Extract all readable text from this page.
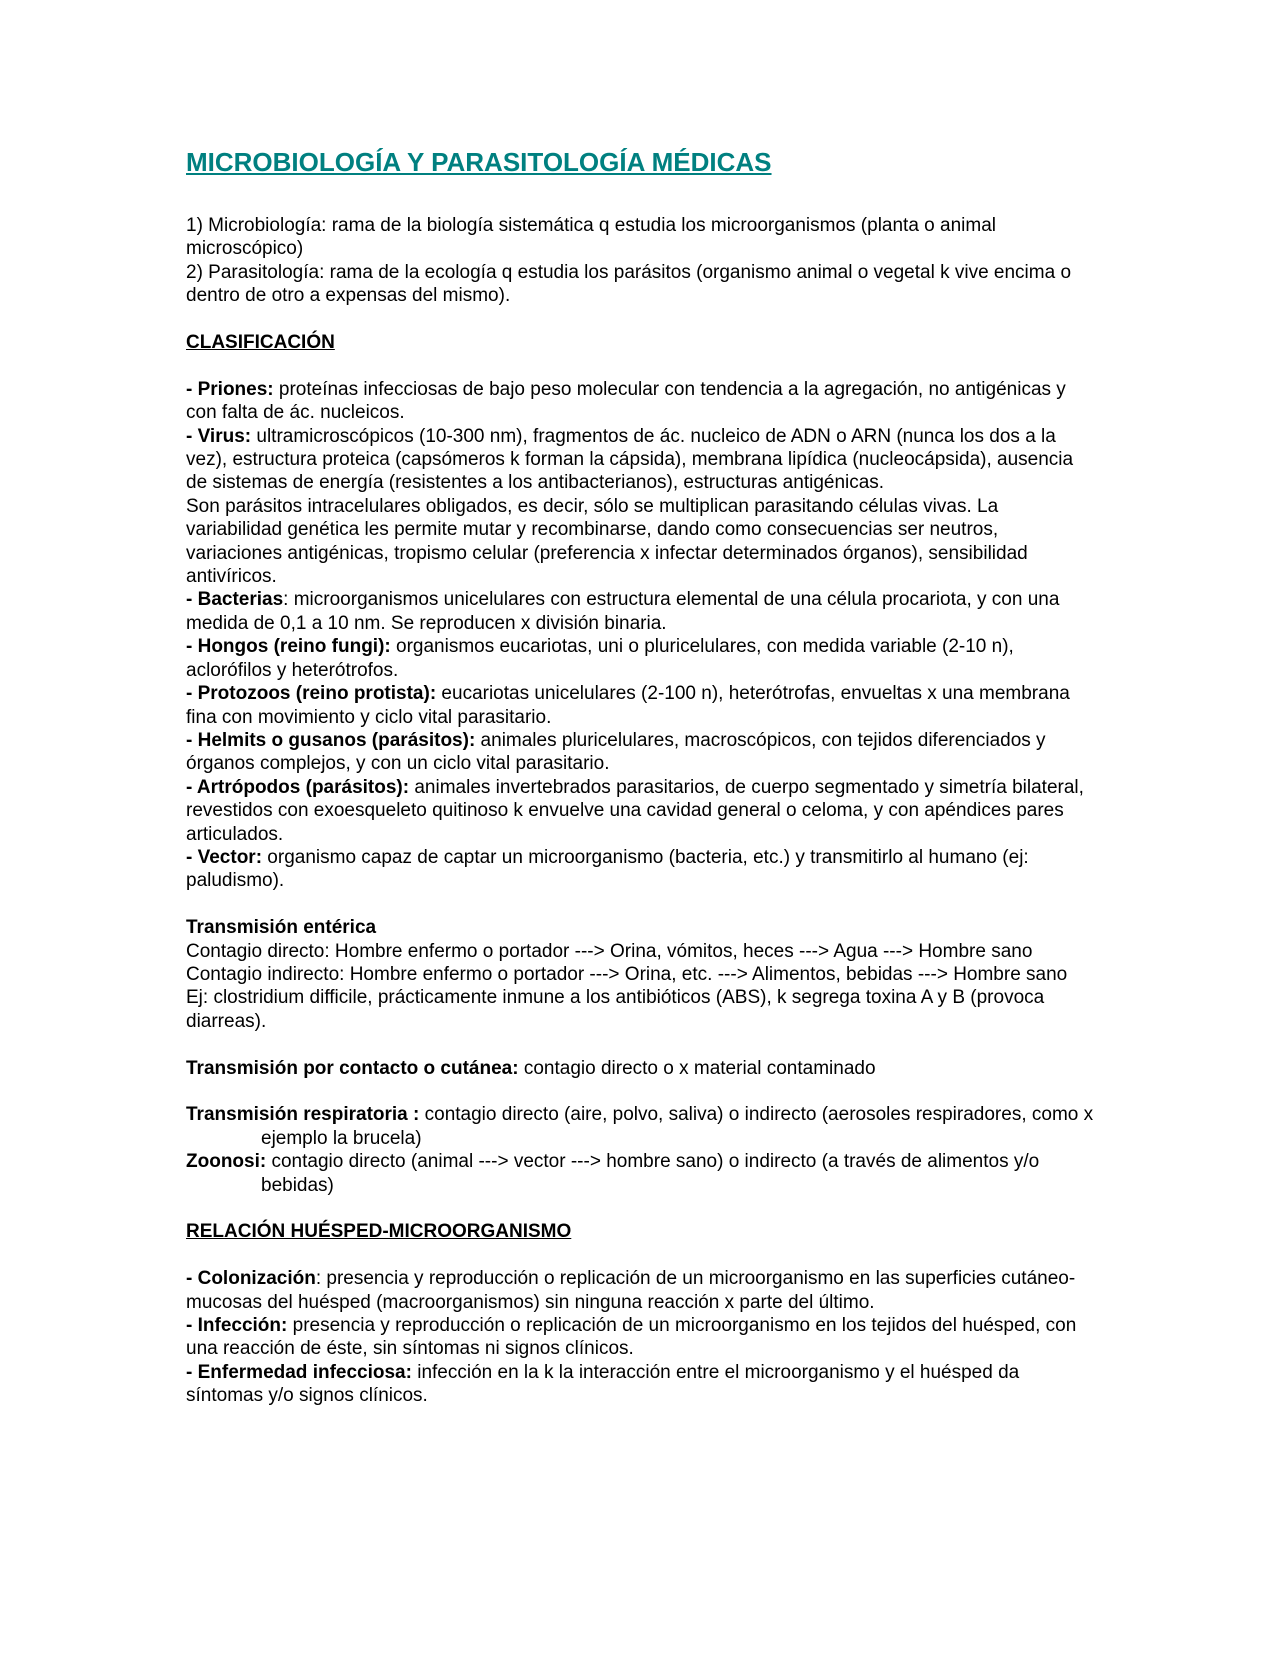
MICROBIOLOGÍA Y PARASITOLOGÍA MÉDICAS

1) Microbiología: rama de la biología sistemática q estudia los microorganismos (planta o animal microscópico)

2) Parasitología: rama de la ecología q estudia los parásitos (organismo animal o vegetal k vive encima o dentro de otro a expensas del mismo).

CLASIFICACIÓN

- Priones: proteínas infecciosas de bajo peso molecular con tendencia a la agregación, no antigénicas y con falta de ác. nucleicos.

- Virus: ultramicroscópicos (10-300 nm), fragmentos de ác. nucleico de ADN o ARN (nunca los dos a la vez), estructura proteica (capsómeros k forman la cápsida), membrana lipídica (nucleocápsida), ausencia de sistemas de energía (resistentes a los antibacterianos), estructuras antigénicas.

Son parásitos intracelulares obligados, es decir, sólo se multiplican parasitando células vivas. La variabilidad genética les permite mutar y recombinarse, dando como consecuencias ser neutros, variaciones antigénicas, tropismo celular (preferencia x infectar determinados órganos), sensibilidad antivíricos.

- Bacterias: microorganismos unicelulares con estructura elemental de una célula procariota, y con una medida de 0,1 a 10 nm. Se reproducen x división binaria.

- Hongos (reino fungi): organismos eucariotas, uni o pluricelulares, con medida variable (2-10 n), aclorófilos y heterótrofos.

- Protozoos (reino protista): eucariotas unicelulares (2-100 n), heterótrofas, envueltas x una membrana fina con movimiento y ciclo vital parasitario.

- Helmits o gusanos (parásitos): animales pluricelulares, macroscópicos, con tejidos diferenciados y órganos complejos, y con un ciclo vital parasitario.

- Artrópodos (parásitos): animales invertebrados parasitarios, de cuerpo segmentado y simetría bilateral, revestidos con exoesqueleto quitinoso k envuelve una cavidad general o celoma, y con apéndices pares articulados.

- Vector: organismo capaz de captar un microorganismo (bacteria, etc.) y transmitirlo al humano (ej: paludismo).

Transmisión entérica

Contagio directo: Hombre enfermo o portador ---> Orina, vómitos, heces ---> Agua ---> Hombre sano

Contagio indirecto: Hombre enfermo o portador ---> Orina, etc. ---> Alimentos, bebidas ---> Hombre sano

Ej: clostridium difficile, prácticamente inmune a los antibióticos (ABS), k segrega toxina A y B (provoca diarreas).

Transmisión por contacto o cutánea: contagio directo o x material contaminado

Transmisión respiratoria : contagio directo (aire, polvo, saliva) o indirecto (aerosoles respiradores, como x ejemplo la brucela)

Zoonosi: contagio directo (animal ---> vector ---> hombre sano) o indirecto (a través de alimentos y/o bebidas)

RELACIÓN HUÉSPED-MICROORGANISMO

- Colonización: presencia y reproducción o replicación de un microorganismo en las superficies cutáneo-mucosas del huésped (macroorganismos) sin ninguna reacción x parte del último.

- Infección: presencia y reproducción o replicación de un microorganismo en los tejidos del huésped, con una reacción de éste, sin síntomas ni signos clínicos.

- Enfermedad infecciosa: infección en la k la interacción entre el microorganismo y el huésped da síntomas y/o signos clínicos.
